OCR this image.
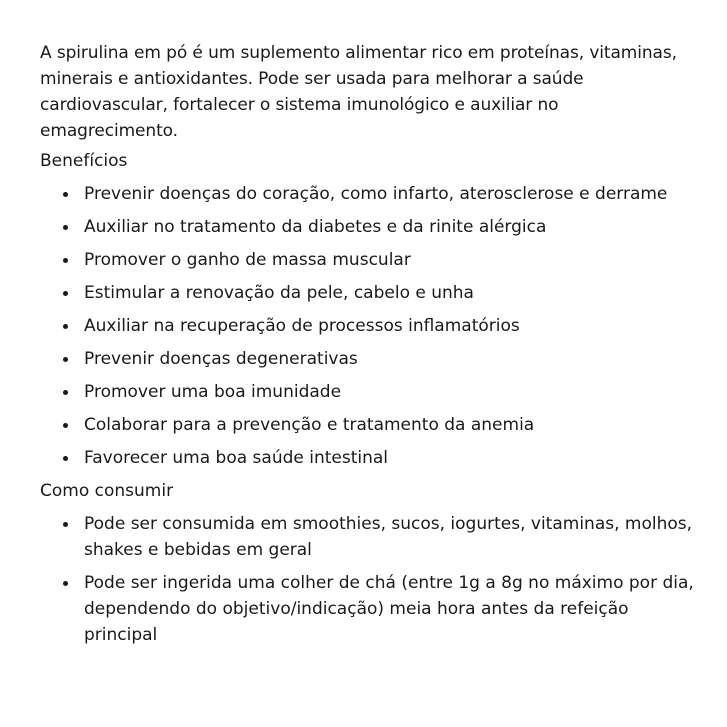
A spirulina em pó é um suplemento alimentar rico em proteínas, vitaminas, minerais e antioxidantes. Pode ser usada para melhorar a saúde cardiovascular, fortalecer o sistema imunológico e auxiliar no emagrecimento.

Benefícios
Prevenir doenças do coração, como infarto, aterosclerose e derrame
Auxiliar no tratamento da diabetes e da rinite alérgica
Promover o ganho de massa muscular
Estimular a renovação da pele, cabelo e unha
Auxiliar na recuperação de processos inflamatórios
Prevenir doenças degenerativas
Promover uma boa imunidade
Colaborar para a prevenção e tratamento da anemia
Favorecer uma boa saúde intestinal
Como consumir
Pode ser consumida em smoothies, sucos, iogurtes, vitaminas, molhos, shakes e bebidas em geral
Pode ser ingerida uma colher de chá (entre 1g a 8g no máximo por dia, dependendo do objetivo/indicação) meia hora antes da refeição principal
